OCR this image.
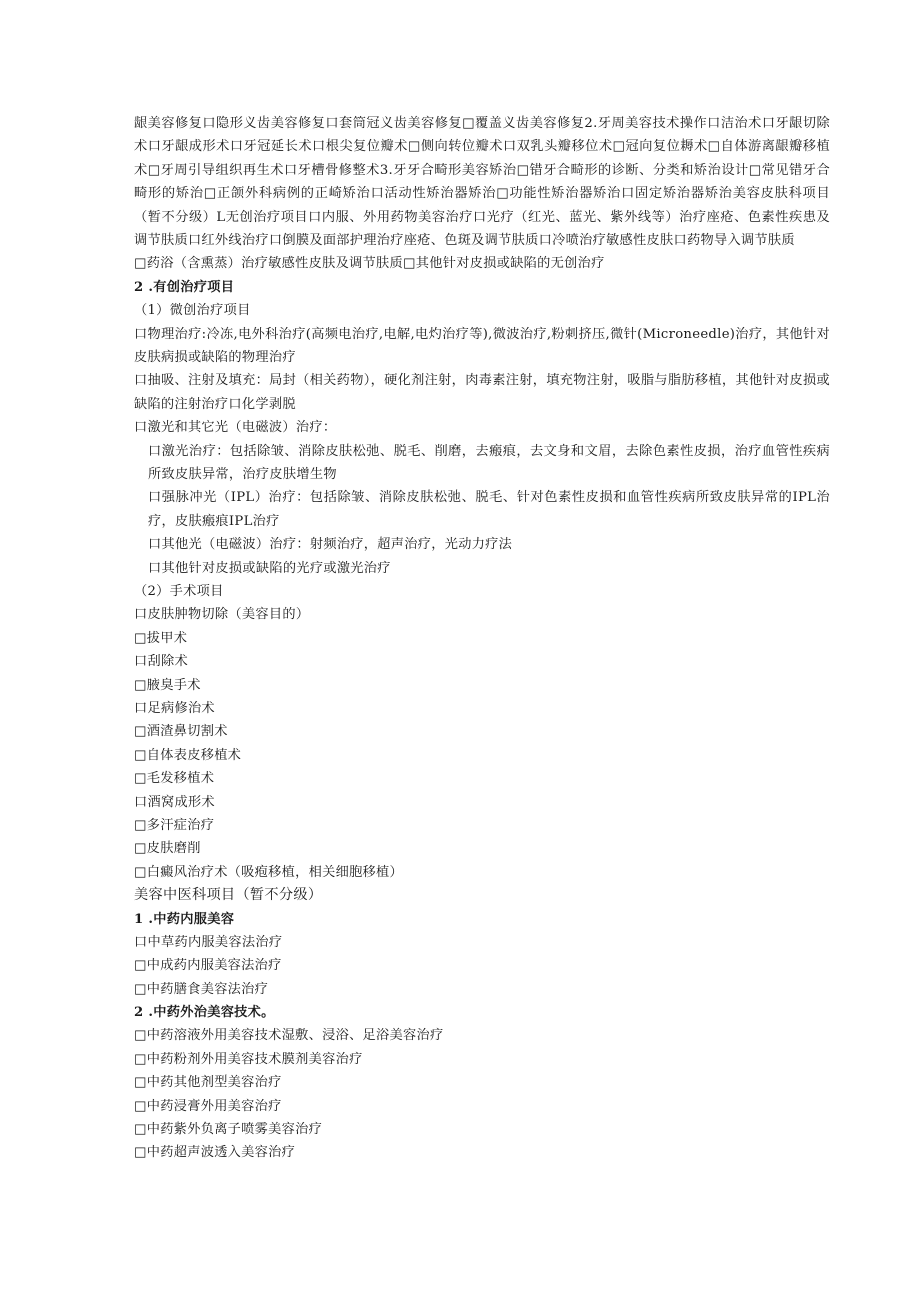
龈美容修复口隐形义齿美容修复口套筒冠义齿美容修复□覆盖义齿美容修复2.牙周美容技术操作口洁治术口牙龈切除术口牙龈成形术口牙冠延长术口根尖复位瓣术□侧向转位瓣术口双乳头瓣移位术□冠向复位耨术□自体游离龈瓣移植术□牙周引导组织再生术口牙槽骨修整术3.牙牙合畸形美容矫治□错牙合畸形的诊断、分类和矫治设计□常见错牙合畸形的矫治□正颌外科病例的正崎矫治口活动性矫治器矫治□功能性矫治器矫治口固定矫治器矫治美容皮肤科项目（暂不分级）L无创治疗项目口内服、外用药物美容治疗口光疗（红光、蓝光、紫外线等）治疗座疮、色素性疾患及调节肤质口红外线治疗口倒膜及面部护理治疗座疮、色斑及调节肤质口冷喷治疗敏感性皮肤口药物导入调节肤质

□药浴（含熏蒸）治疗敏感性皮肤及调节肤质□其他针对皮损或缺陷的无创治疗
2 .有创治疗项目
（1）微创治疗项目

口物理治疗:冷冻,电外科治疗(高频电治疗,电解,电灼治疗等),微波治疗,粉刺挤压,微针(Microneedle)治疗，其他针对皮肤病损或缺陷的物理治疗

口抽吸、注射及填充：局封（相关药物），硬化剂注射，肉毒素注射，填充物注射，吸脂与脂肪移植，其他针对皮损或缺陷的注射治疗口化学剥脱

口激光和其它光（电磁波）治疗：

口激光治疗：包括除皱、消除皮肤松弛、脱毛、削磨，去瘢痕，去文身和文眉，去除色素性皮损，治疗血管性疾病所致皮肤异常，治疗皮肤增生物

口强脉冲光（IPL）治疗：包括除皱、消除皮肤松弛、脱毛、针对色素性皮损和血管性疾病所致皮肤异常的IPL治疗，皮肤瘢痕IPL治疗

口其他光（电磁波）治疗：射频治疗，超声治疗，光动力疗法
口其他针对皮损或缺陷的光疗或激光治疗
（2）手术项目
口皮肤肿物切除（美容目的）
□拔甲术
口刮除术
□腋臭手术
口足病修治术
□酒渣鼻切割术
□自体表皮移植术
□毛发移植术
口酒窝成形术
□多汗症治疗
□皮肤磨削
□白癜风治疗术（吸疱移植，相关细胞移植）
美容中医科项目（暂不分级）
1 .中药内服美容
口中草药内服美容法治疗
□中成药内服美容法治疗
□中药膳食美容法治疗
2 .中药外治美容技术。
□中药溶液外用美容技术湿敷、浸浴、足浴美容治疗
□中药粉剂外用美容技术膜剂美容治疗
□中药其他剂型美容治疗
□中药浸膏外用美容治疗
□中药紫外负离子喷雾美容治疗
□中药超声波透入美容治疗
